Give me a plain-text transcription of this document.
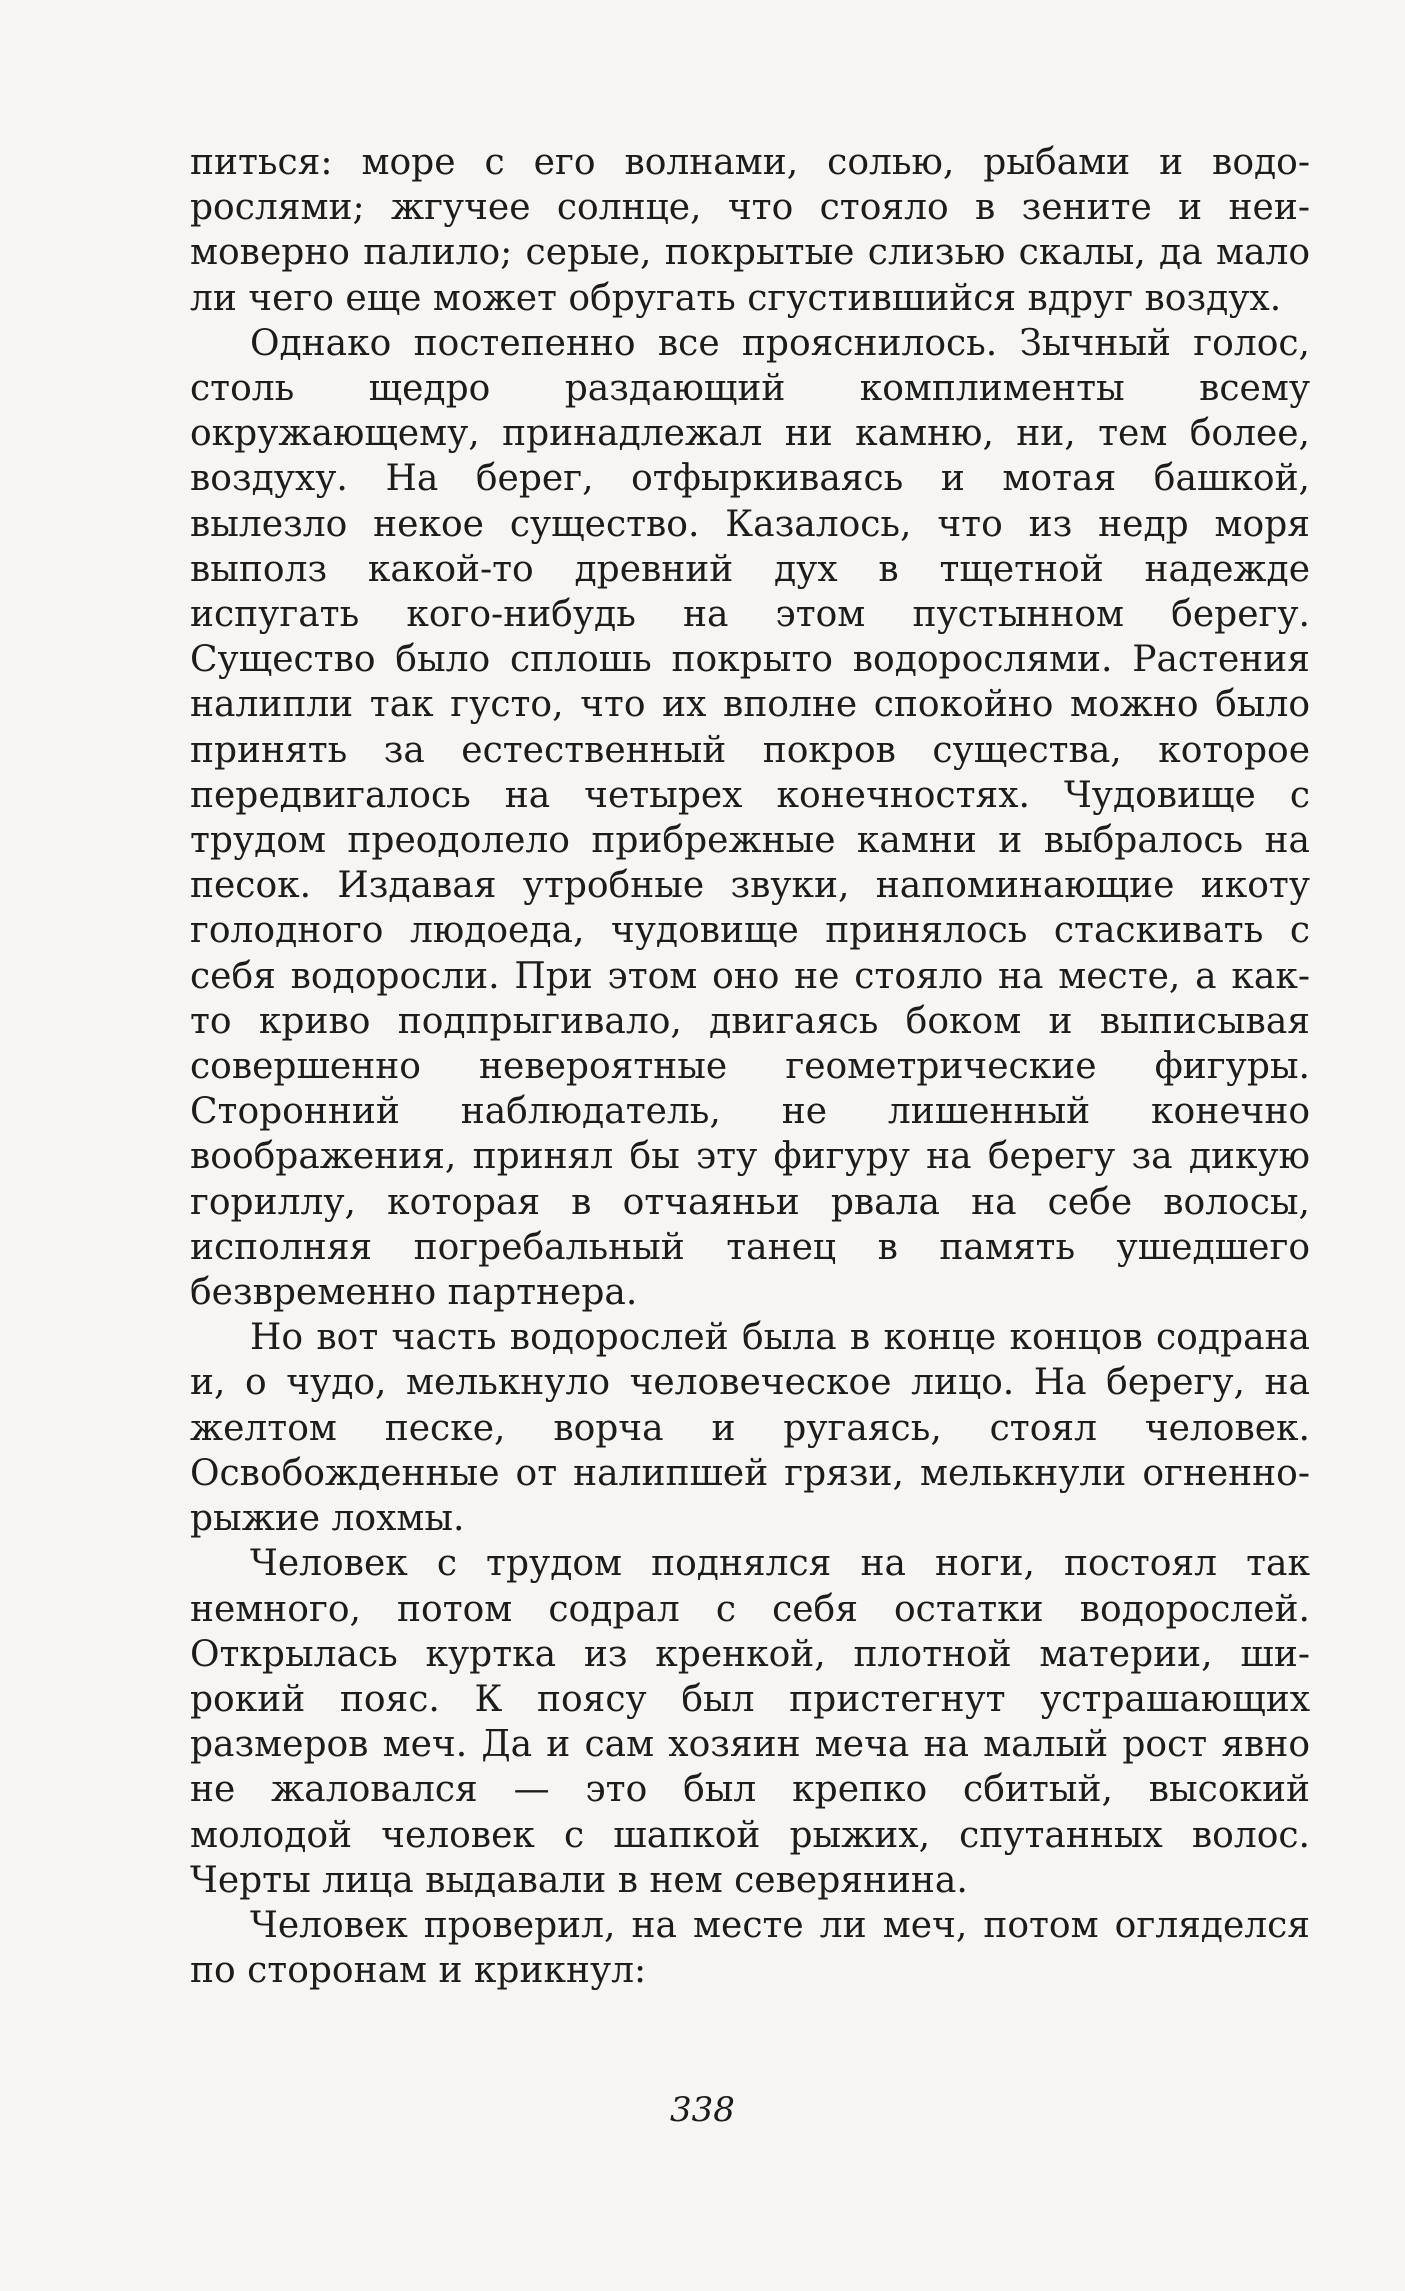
питься: море с его волнами, солью, рыбами и водорослями; жгучее солнце, что стояло в зените и неимоверно палило; серые, покрытые слизью скалы, да мало ли чего еще может обругать сгустившийся вдруг воздух.

Однако постепенно все прояснилось. Зычный голос, столь щедро раздающий комплименты всему окружающему, принадлежал ни камню, ни, тем более, воздуху. На берег, отфыркиваясь и мотая башкой, вылезло некое существо. Казалось, что из недр моря выполз какой-то древний дух в тщетной надежде испугать кого-нибудь на этом пустынном берегу. Существо было сплошь покрыто водорослями. Растения налипли так густо, что их вполне спокойно можно было принять за естественный покров существа, которое передвигалось на четырех конечностях. Чудовище с трудом преодолело прибрежные камни и выбралось на песок. Издавая утробные звуки, напоминающие икоту голодного людоеда, чудовище принялось стаскивать с себя водоросли. При этом оно не стояло на месте, а как-то криво подпрыгивало, двигаясь боком и выписывая совершенно невероятные геометрические фигуры. Сторонний наблюдатель, не лишенный конечно воображения, принял бы эту фигуру на берегу за дикую гориллу, которая в отчаяньи рвала на себе волосы, исполняя погребальный танец в память ушедшего безвременно партнера.

Но вот часть водорослей была в конце концов содрана и, о чудо, мелькнуло человеческое лицо. На берегу, на желтом песке, ворча и ругаясь, стоял человек. Освобожденные от налипшей грязи, мелькнули огненно-рыжие лохмы.

Человек с трудом поднялся на ноги, постоял так немного, потом содрал с себя остатки водорослей. Открылась куртка из кренкой, плотной материи, широкий пояс. К поясу был пристегнут устрашающих размеров меч. Да и сам хозяин меча на малый рост явно не жаловался — это был крепко сбитый, высокий молодой человек с шапкой рыжих, спутанных волос. Черты лица выдавали в нем северянина.

Человек проверил, на месте ли меч, потом огляделся по сторонам и крикнул:

338
